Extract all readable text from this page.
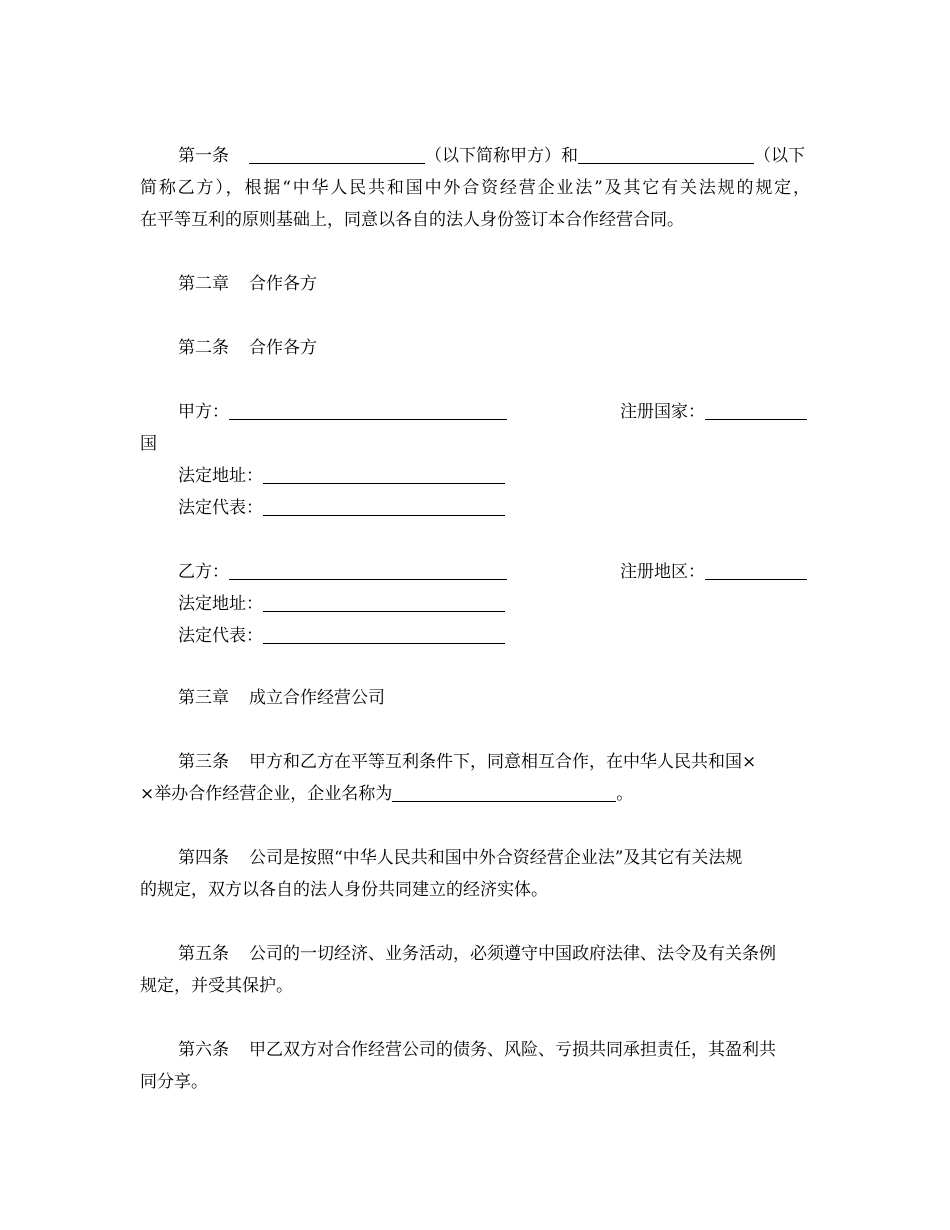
第一条	（以下简称甲方）和	（以下
简称乙方），根据“中华人民共和国中外合资经营企业法”及其它有关法规的规定，
在平等互利的原则基础上，同意以各自的法人身份签订本合作经营合同。
第二章 合作各方
第二条 合作各方
甲方：	注册国家：
国
法定地址：
法定代表：
乙方：	注册地区：
法定地址：
法定代表：
第三章 成立合作经营公司
第三条 甲方和乙方在平等互利条件下，同意相互合作，在中华人民共和国×
×举办合作经营企业，企业名称为	。
第四条 公司是按照“中华人民共和国中外合资经营企业法”及其它有关法规
的规定，双方以各自的法人身份共同建立的经济实体。
第五条 公司的一切经济、业务活动，必须遵守中国政府法律、法令及有关条例
规定，并受其保护。
第六条 甲乙双方对合作经营公司的债务、风险、亏损共同承担责任，其盈利共
同分享。
